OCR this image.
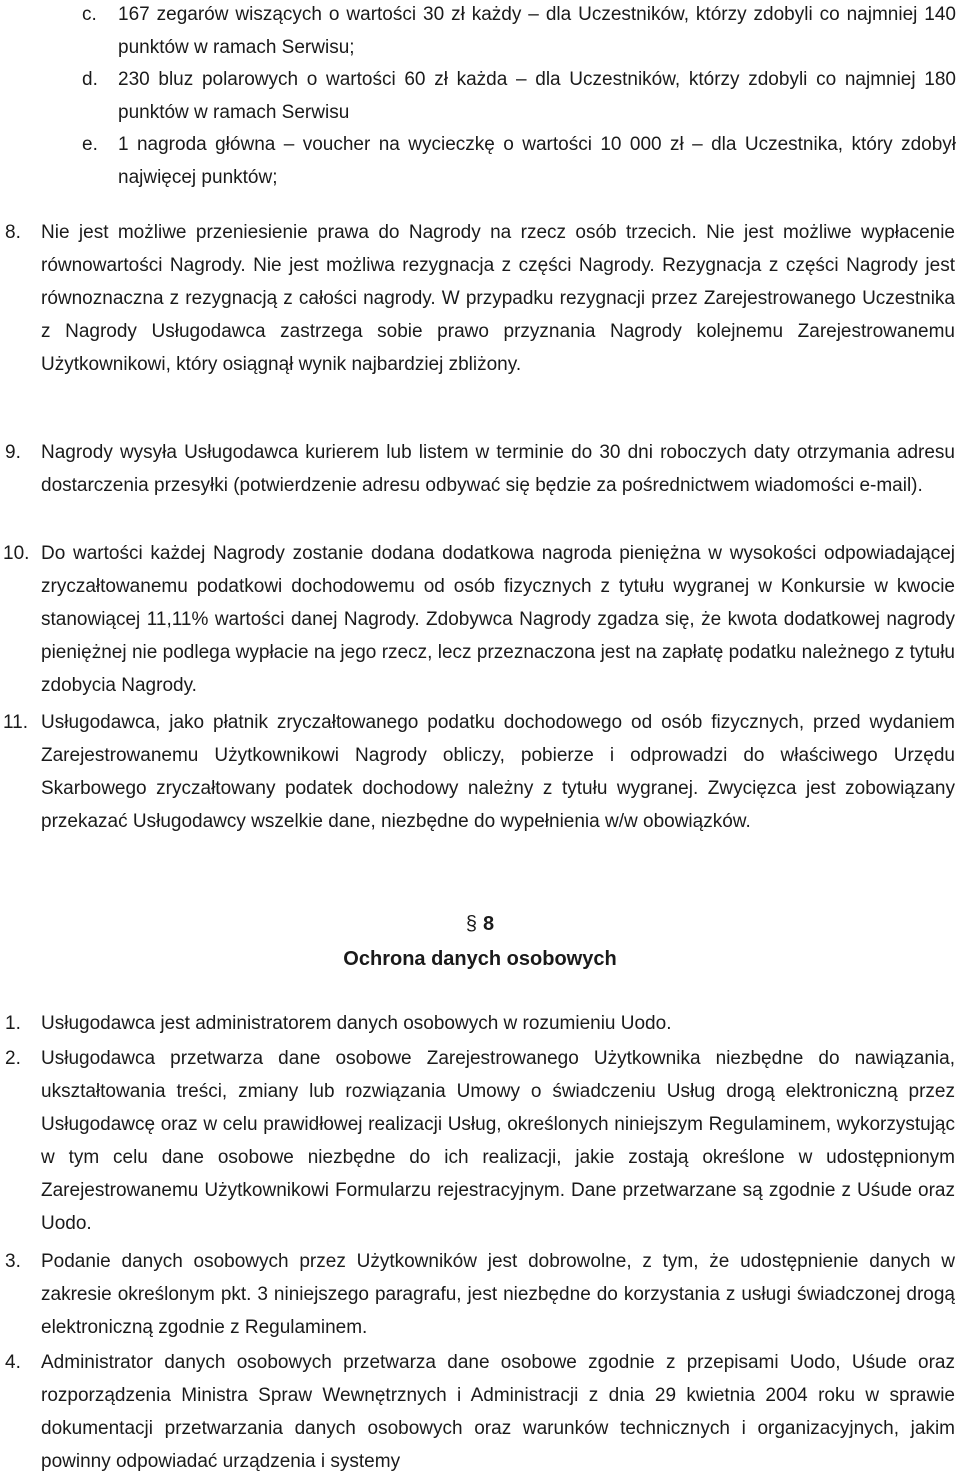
c. 167 zegarów wiszących o wartości 30 zł każdy – dla Uczestników, którzy zdobyli co najmniej 140 punktów w ramach Serwisu;

d. 230 bluz polarowych o wartości 60 zł każda – dla Uczestników, którzy zdobyli co najmniej 180 punktów w ramach Serwisu

e. 1 nagroda główna – voucher na wycieczkę o wartości 10 000 zł – dla Uczestnika, który zdobył najwięcej punktów;

8. Nie jest możliwe przeniesienie prawa do Nagrody na rzecz osób trzecich. Nie jest możliwe wypłacenie równowartości Nagrody. Nie jest możliwa rezygnacja z części Nagrody. Rezygnacja z części Nagrody jest równoznaczna z rezygnacją z całości nagrody. W przypadku rezygnacji przez Zarejestrowanego Uczestnika z Nagrody Usługodawca zastrzega sobie prawo przyznania Nagrody kolejnemu Zarejestrowanemu Użytkownikowi, który osiągnął wynik najbardziej zbliżony.

9. Nagrody wysyła Usługodawca kurierem lub listem w terminie do 30 dni roboczych daty otrzymania adresu dostarczenia przesyłki (potwierdzenie adresu odbywać się będzie za pośrednictwem wiadomości e-mail).

10. Do wartości każdej Nagrody zostanie dodana dodatkowa nagroda pieniężna w wysokości odpowiadającej zryczałtowanemu podatkowi dochodowemu od osób fizycznych z tytułu wygranej w Konkursie w kwocie stanowiącej 11,11% wartości danej Nagrody. Zdobywca Nagrody zgadza się, że kwota dodatkowej nagrody pieniężnej nie podlega wypłacie na jego rzecz, lecz przeznaczona jest na zapłatę podatku należnego z tytułu zdobycia Nagrody.

11. Usługodawca, jako płatnik zryczałtowanego podatku dochodowego od osób fizycznych, przed wydaniem Zarejestrowanemu Użytkownikowi Nagrody obliczy, pobierze i odprowadzi do właściwego Urzędu Skarbowego zryczałtowany podatek dochodowy należny z tytułu wygranej. Zwycięzca jest zobowiązany przekazać Usługodawcy wszelkie dane, niezbędne do wypełnienia w/w obowiązków.

§ 8
Ochrona danych osobowych
1. Usługodawca jest administratorem danych osobowych w rozumieniu Uodo.

2. Usługodawca przetwarza dane osobowe Zarejestrowanego Użytkownika niezbędne do nawiązania, ukształtowania treści, zmiany lub rozwiązania Umowy o świadczeniu Usług drogą elektroniczną przez Usługodawcę oraz w celu prawidłowej realizacji Usług, określonych niniejszym Regulaminem, wykorzystując w tym celu dane osobowe niezbędne do ich realizacji, jakie zostają określone w udostępnionym Zarejestrowanemu Użytkownikowi Formularzu rejestracyjnym. Dane przetwarzane są zgodnie z Uśude oraz Uodo.

3. Podanie danych osobowych przez Użytkowników jest dobrowolne, z tym, że udostępnienie danych w zakresie określonym pkt. 3 niniejszego paragrafu, jest niezbędne do korzystania z usługi świadczonej drogą elektroniczną zgodnie z Regulaminem.

4. Administrator danych osobowych przetwarza dane osobowe zgodnie z przepisami Uodo, Uśude oraz rozporządzenia Ministra Spraw Wewnętrznych i Administracji z dnia 29 kwietnia 2004 roku w sprawie dokumentacji przetwarzania danych osobowych oraz warunków technicznych i organizacyjnych, jakim powinny odpowiadać urządzenia i systemy
